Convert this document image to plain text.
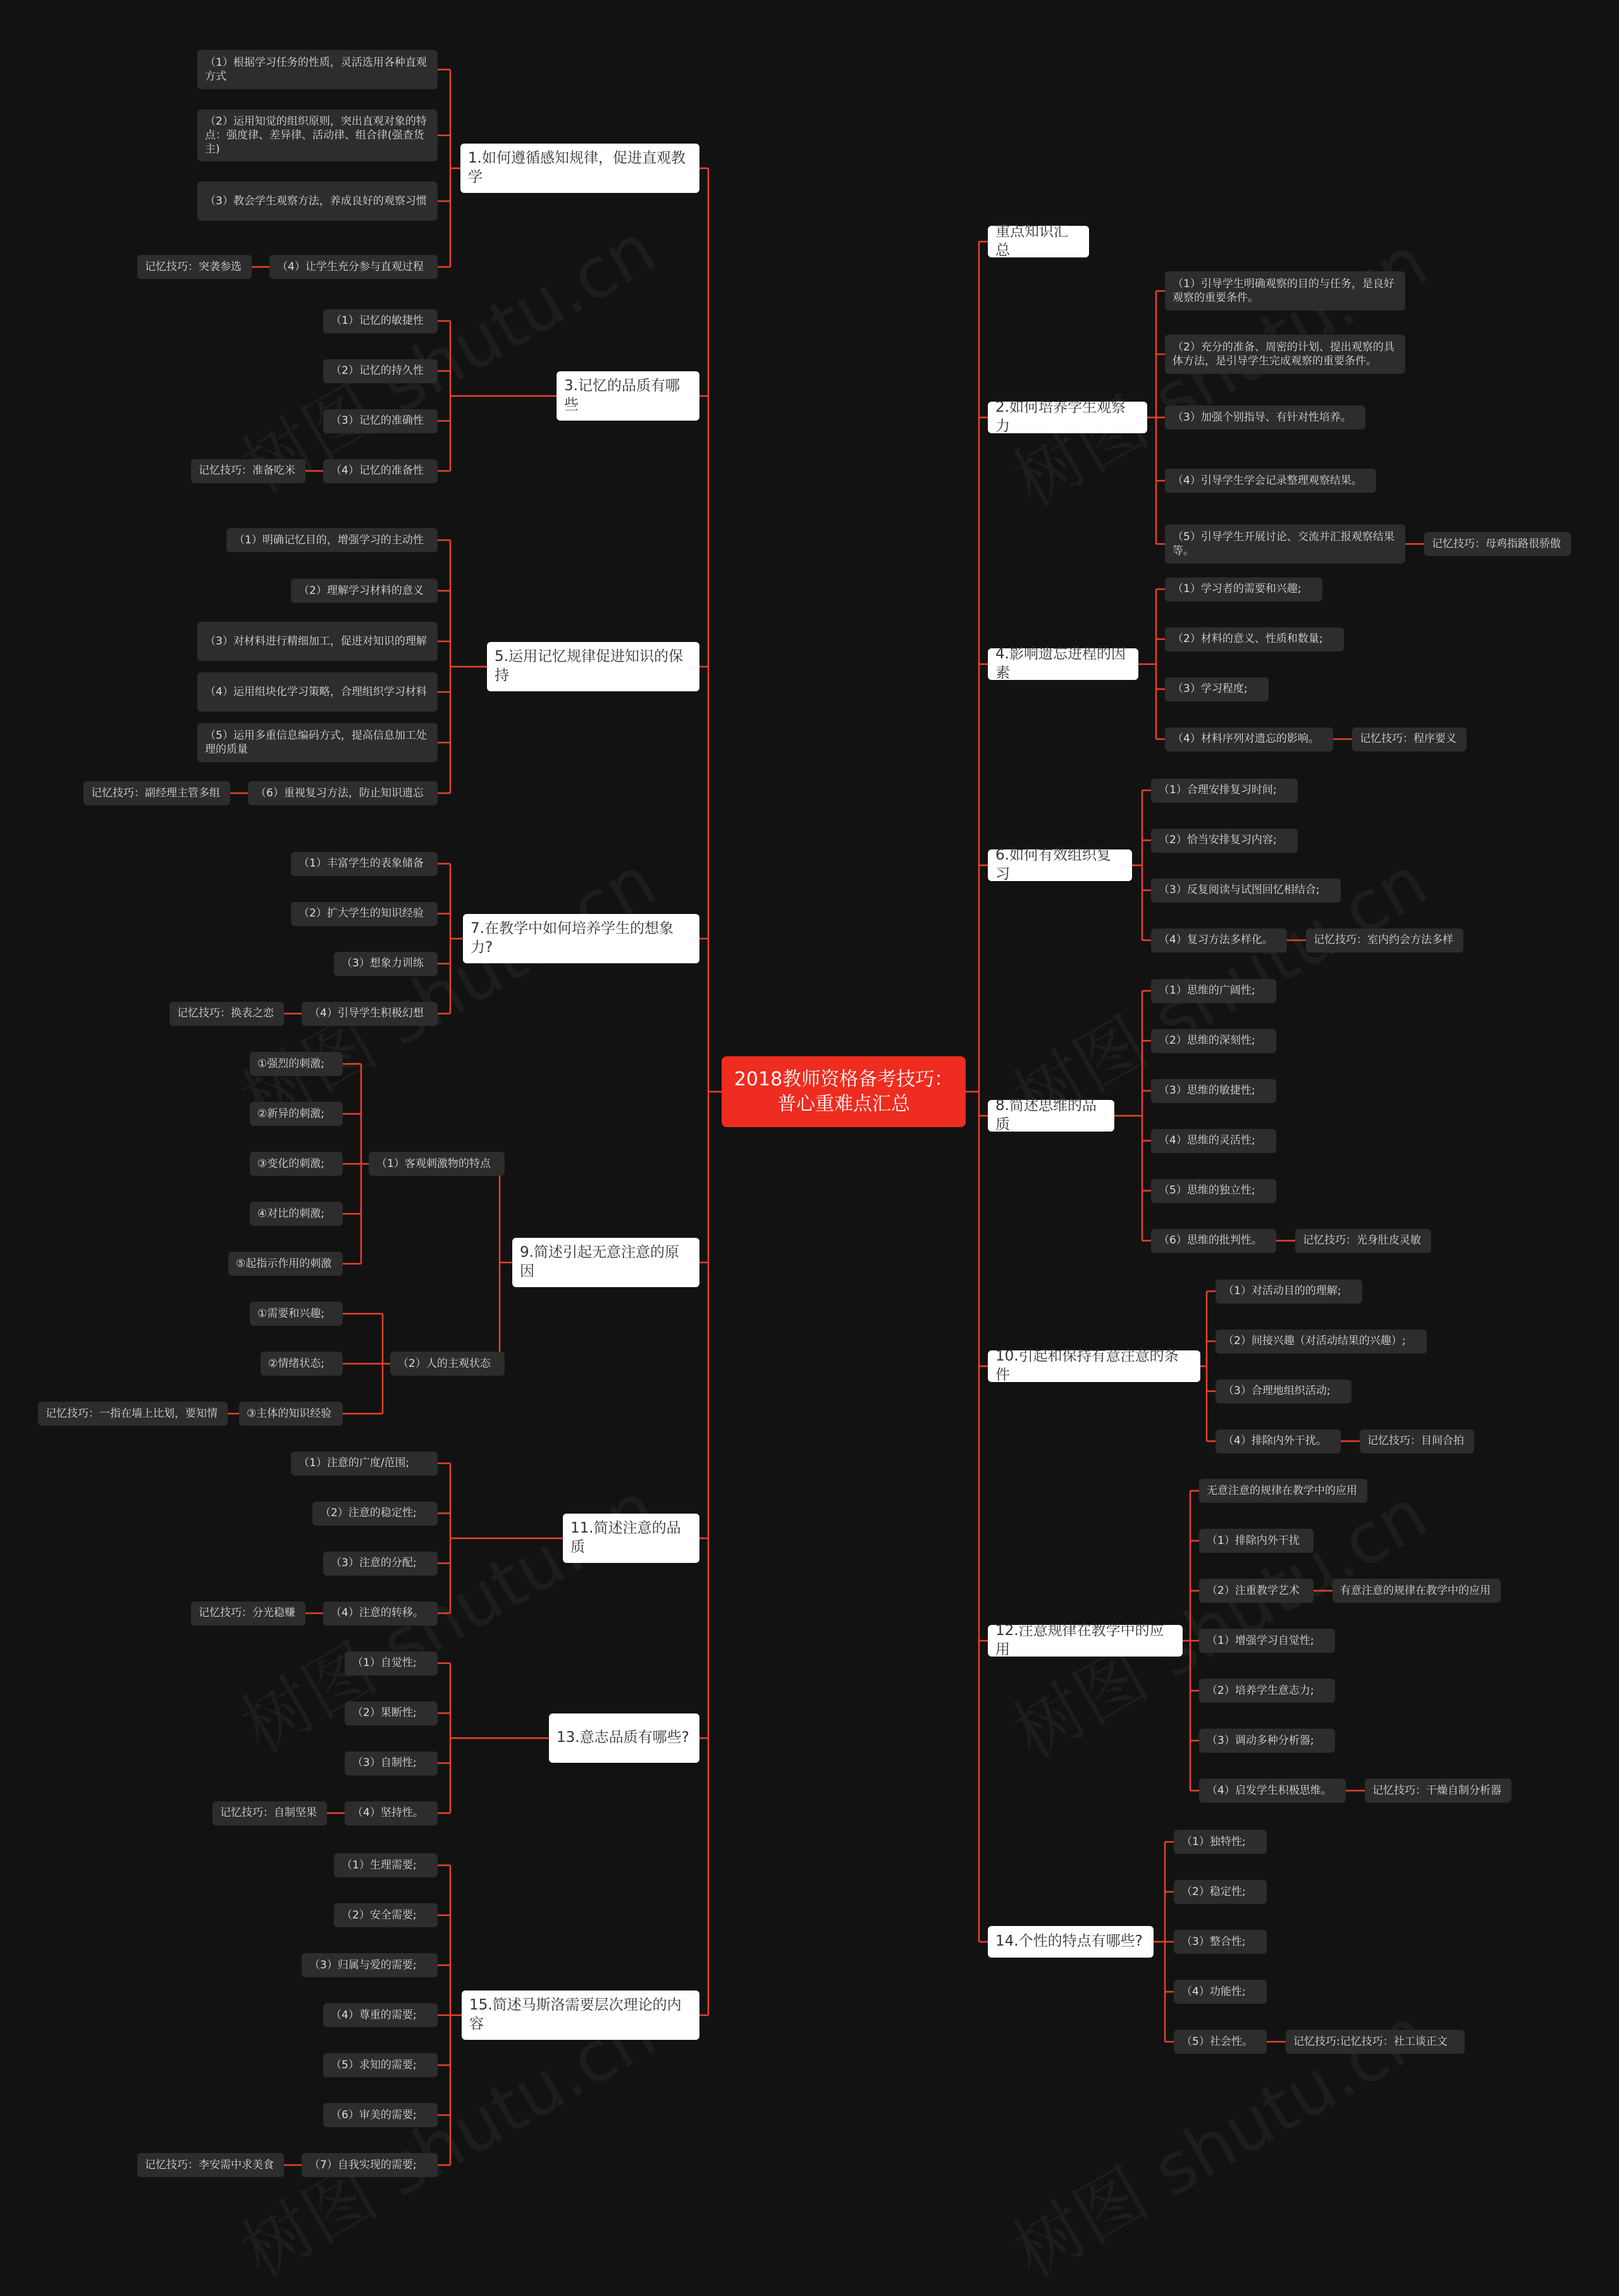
2018教师资格备考技巧：普心重难点汇总
1.如何遵循感知规律，促进直观教学
（1）根据学习任务的性质，灵活选用各种直观方式
（2）运用知觉的组织原则，突出直观对象的特点：强度律、差异律、活动律、组合律(强查货主)
（3）教会学生观察方法，养成良好的观察习惯
（4）让学生充分参与直观过程
记忆技巧：突袭参选
3.记忆的品质有哪些
（1）记忆的敏捷性
（2）记忆的持久性
（3）记忆的准确性
（4）记忆的准备性
记忆技巧：准备吃米
5.运用记忆规律促进知识的保持
（1）明确记忆目的，增强学习的主动性
（2）理解学习材料的意义
（3）对材料进行精细加工，促进对知识的理解
（4）运用组块化学习策略，合理组织学习材料
（5）运用多重信息编码方式，提高信息加工处理的质量
（6）重视复习方法，防止知识遗忘
记忆技巧：副经理主管多组
7.在教学中如何培养学生的想象力?
（1）丰富学生的表象储备
（2）扩大学生的知识经验
（3）想象力训练
（4）引导学生积极幻想
记忆技巧：换表之恋
9.简述引起无意注意的原因
（1）客观刺激物的特点
①强烈的刺激;
②新异的刺激;
③变化的刺激;
④对比的刺激;
⑤起指示作用的刺激
（2）人的主观状态
①需要和兴趣;
②情绪状态;
③主体的知识经验
记忆技巧：一指在墙上比划，要知情
11.简述注意的品质
（1）注意的广度/范围;
（2）注意的稳定性;
（3）注意的分配;
（4）注意的转移。
记忆技巧：分光稳赚
13.意志品质有哪些?
（1）自觉性;
（2）果断性;
（3）自制性;
（4）坚持性。
记忆技巧：自制坚果
15.简述马斯洛需要层次理论的内容
（1）生理需要;
（2）安全需要;
（3）归属与爱的需要;
（4）尊重的需要;
（5）求知的需要;
（6）审美的需要;
（7）自我实现的需要;
记忆技巧：李安需中求美食
重点知识汇总
2.如何培养学生观察力
（1）引导学生明确观察的目的与任务，是良好观察的重要条件。
（2）充分的准备、周密的计划、提出观察的具体方法，是引导学生完成观察的重要条件。
（3）加强个别指导、有针对性培养。
（4）引导学生学会记录整理观察结果。
（5）引导学生开展讨论、交流并汇报观察结果等。
记忆技巧：母鸡指路很骄傲
4.影响遗忘进程的因素
（1）学习者的需要和兴趣;
（2）材料的意义、性质和数量;
（3）学习程度;
（4）材料序列对遗忘的影响。	记忆技巧：程序要义
6.如何有效组织复习
（1）合理安排复习时间;
（2）恰当安排复习内容;
（3）反复阅读与试图回忆相结合;
（4）复习方法多样化。	记忆技巧：室内约会方法多样
8.简述思维的品质
（1）思维的广阔性;
（2）思维的深刻性;
（3）思维的敏捷性;
（4）思维的灵活性;
（5）思维的独立性;
（6）思维的批判性。	记忆技巧：光身肚皮灵敏
10.引起和保持有意注意的条件
（1）对活动目的的理解;
（2）间接兴趣（对活动结果的兴趣）;
（3）合理地组织活动;
（4）排除内外干扰。	记忆技巧：目间合拍
12.注意规律在教学中的应用
无意注意的规律在教学中的应用
（1）排除内外干扰
（2）注重教学艺术	有意注意的规律在教学中的应用
（1）增强学习自觉性;
（2）培养学生意志力;
（3）调动多种分析器;
（4）启发学生积极思维。	记忆技巧：干燥自制分析器
14.个性的特点有哪些?
（1）独特性;
（2）稳定性;
（3）整合性;
（4）功能性;
（5）社会性。	记忆技巧:记忆技巧：社工谈正文
